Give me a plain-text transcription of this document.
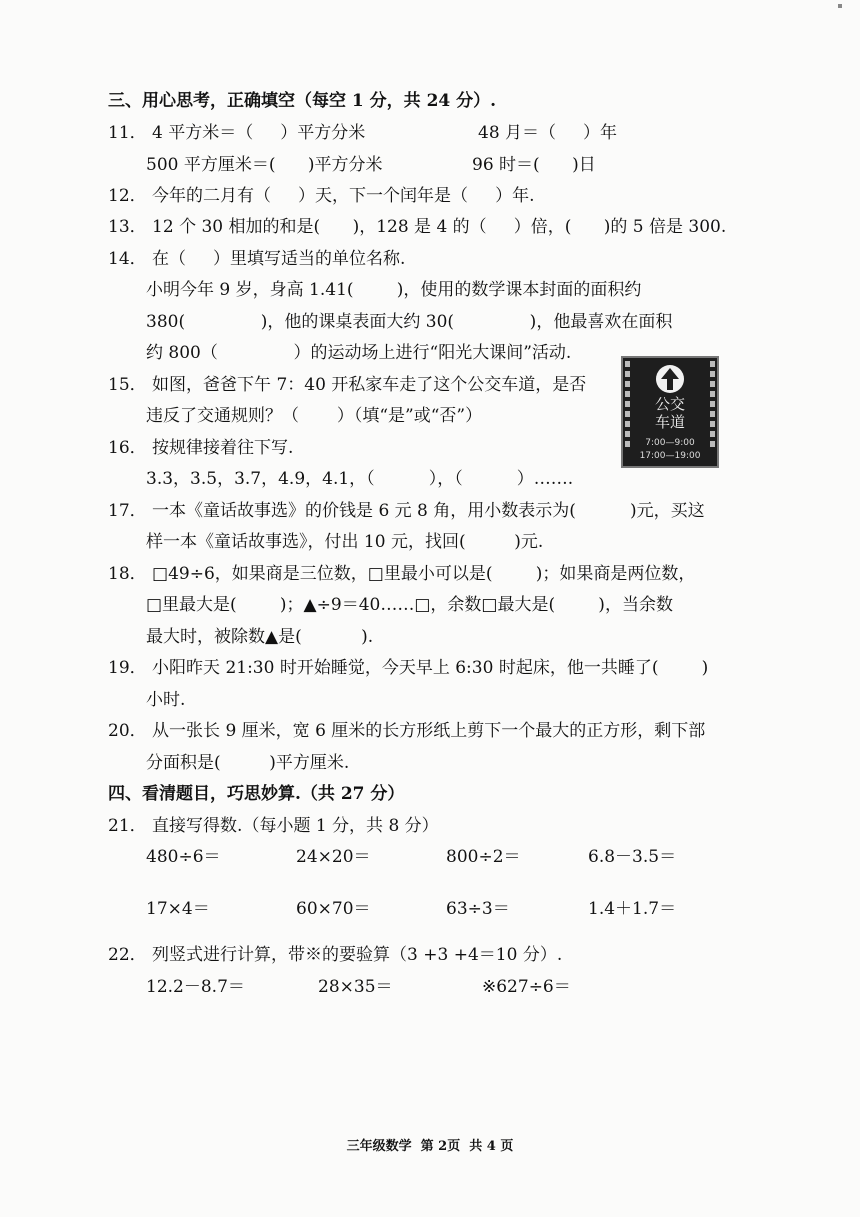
三、用心思考，正确填空（每空 1 分，共 24 分）.
11． 4 平方米＝（     ）平方分米	48 月＝（     ）年
500 平方厘米＝(      )平方分米	96 时＝(      )日
12． 今年的二月有（     ）天，下一个闰年是（     ）年.
13． 12 个 30 相加的和是(      )，128 是 4 的（     ）倍，(      )的 5 倍是 300.
14． 在（     ）里填写适当的单位名称.
小明今年 9 岁，身高 1.41(        )，使用的数学课本封面的面积约
380(              )，他的课桌表面大约 30(              )，他最喜欢在面积
约 800（              ）的运动场上进行“阳光大课间”活动.
15． 如图，爸爸下午 7：40 开私家车走了这个公交车道，是否
违反了交通规则？（       ）（填“是”或“否”）
16． 按规律接着往下写.
3.3，3.5，3.7，4.9，4.1，（          ），（          ）…….
17． 一本《童话故事选》的价钱是 6 元 8 角，用小数表示为(          )元，买这
样一本《童话故事选》，付出 10 元，找回(         )元.
18． □49÷6，如果商是三位数，□里最小可以是(        )；如果商是两位数，
□里最大是(        )；▲÷9＝40……□，余数□最大是(        )，当余数
最大时，被除数▲是(           ).
19． 小阳昨天 21:30 时开始睡觉，今天早上 6:30 时起床，他一共睡了(        )
小时.
20． 从一张长 9 厘米，宽 6 厘米的长方形纸上剪下一个最大的正方形，剩下部
分面积是(         )平方厘米.
四、看清题目，巧思妙算.（共 27 分）
21． 直接写得数.（每小题 1 分，共 8 分）
480÷6＝	24×20＝	800÷2＝	6.8－3.5＝
17×4＝	60×70＝	63÷3＝	1.4＋1.7＝
22． 列竖式进行计算，带※的要验算（3 +3 +4＝10 分）.
12.2－8.7＝	28×35＝	※627÷6＝
公交
车道
7:00—9:00
17:00—19:00
三年级数学  第 2页  共 4 页
